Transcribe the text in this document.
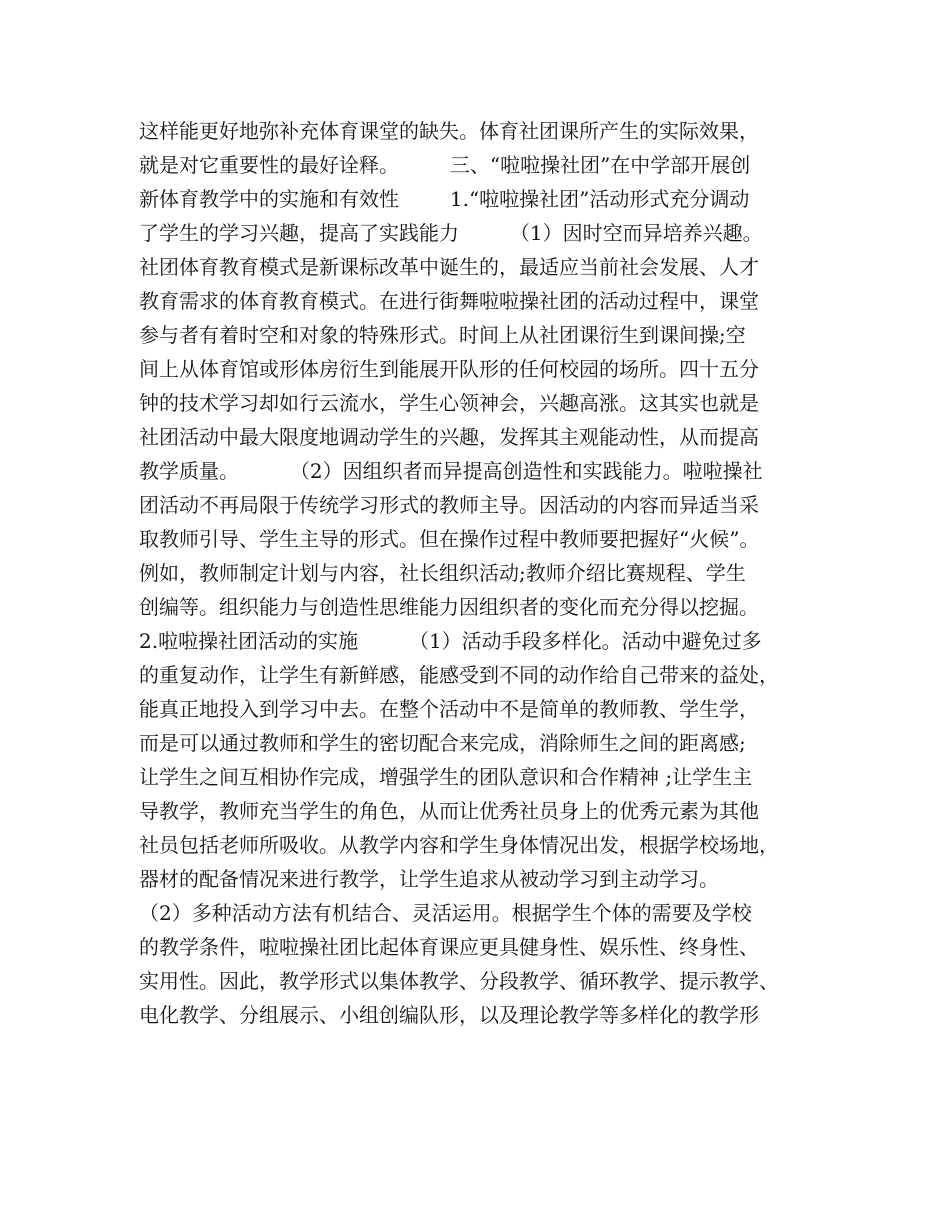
这样能更好地弥补充体育课堂的缺失。体育社团课所产生的实际效果，
就是对它重要性的最好诠释。        三、“啦啦操社团”在中学部开展创
新体育教学中的实施和有效性        1.“啦啦操社团”活动形式充分调动
了学生的学习兴趣，提高了实践能力        （1）因时空而异培养兴趣。
社团体育教育模式是新课标改革中诞生的，最适应当前社会发展、人才
教育需求的体育教育模式。在进行街舞啦啦操社团的活动过程中，课堂
参与者有着时空和对象的特殊形式。时间上从社团课衍生到课间操;空
间上从体育馆或形体房衍生到能展开队形的任何校园的场所。四十五分
钟的技术学习却如行云流水，学生心领神会，兴趣高涨。这其实也就是
社团活动中最大限度地调动学生的兴趣，发挥其主观能动性，从而提高
教学质量。        （2）因组织者而异提高创造性和实践能力。啦啦操社
团活动不再局限于传统学习形式的教师主导。因活动的内容而异适当采
取教师引导、学生主导的形式。但在操作过程中教师要把握好“火候”。
例如，教师制定计划与内容，社长组织活动;教师介绍比赛规程、学生
创编等。组织能力与创造性思维能力因组织者的变化而充分得以挖掘。
2.啦啦操社团活动的实施        （1）活动手段多样化。活动中避免过多
的重复动作，让学生有新鲜感，能感受到不同的动作给自己带来的益处，
能真正地投入到学习中去。在整个活动中不是简单的教师教、学生学，
而是可以通过教师和学生的密切配合来完成，消除师生之间的距离感;
让学生之间互相协作完成，增强学生的团队意识和合作精神 ;让学生主
导教学，教师充当学生的角色，从而让优秀社员身上的优秀元素为其他
社员包括老师所吸收。从教学内容和学生身体情况出发，根据学校场地，
器材的配备情况来进行教学，让学生追求从被动学习到主动学习。
（2）多种活动方法有机结合、灵活运用。根据学生个体的需要及学校
的教学条件，啦啦操社团比起体育课应更具健身性、娱乐性、终身性、
实用性。因此，教学形式以集体教学、分段教学、循环教学、提示教学、
电化教学、分组展示、小组创编队形，以及理论教学等多样化的教学形
